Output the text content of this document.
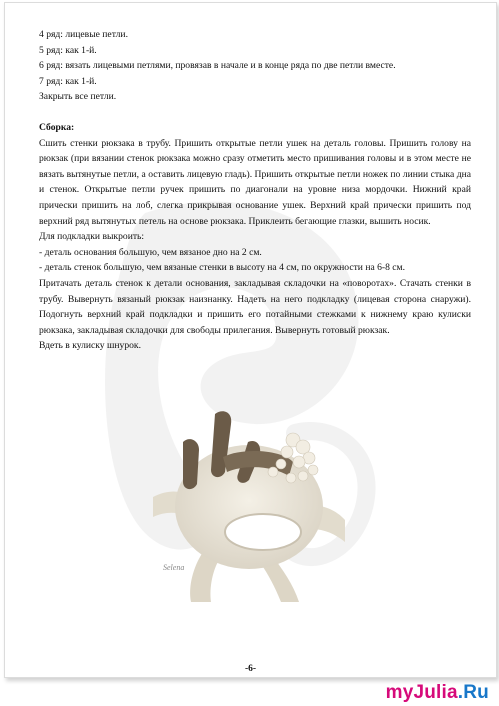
4 ряд: лицевые петли.

5 ряд: как 1-й.

6 ряд: вязать лицевыми петлями, провязав в начале и в конце ряда по две петли вместе.

7 ряд: как 1-й.

Закрыть все петли.

Сборка:

Сшить стенки рюкзака в трубу. Пришить открытые петли ушек на деталь головы. Пришить голову на рюкзак (при вязании стенок рюкзака можно сразу отметить место пришивания головы и в этом месте не вязать вытянутые петли, а оставить лицевую гладь). Пришить открытые петли ножек по линии стыка дна и стенок. Открытые петли ручек пришить по диагонали на уровне низа мордочки. Нижний край прически пришить на лоб, слегка прикрывая основание ушек. Верхний край прически пришить под верхний ряд вытянутых петель на основе рюкзака. Приклеить бегающие глазки, вышить носик.

Для подкладки выкроить:

- деталь основания большую, чем вязаное дно на 2 см.

- деталь стенок большую, чем вязаные стенки в высоту на 4 см, по окружности на 6-8 см.

Притачать деталь стенок к детали основания, закладывая складочки на «поворотах». Стачать стенки в трубу. Вывернуть вязаный рюкзак наизнанку. Надеть на него подкладку (лицевая сторона снаружи). Подогнуть верхний край подкладки и пришить его потайными стежками к нижнему краю кулиски рюкзака, закладывая складочки для свободы прилегания. Вывернуть готовый рюкзак.

Вдеть в кулиску шнурок.

Selena
-6-
myJulia.Ru
